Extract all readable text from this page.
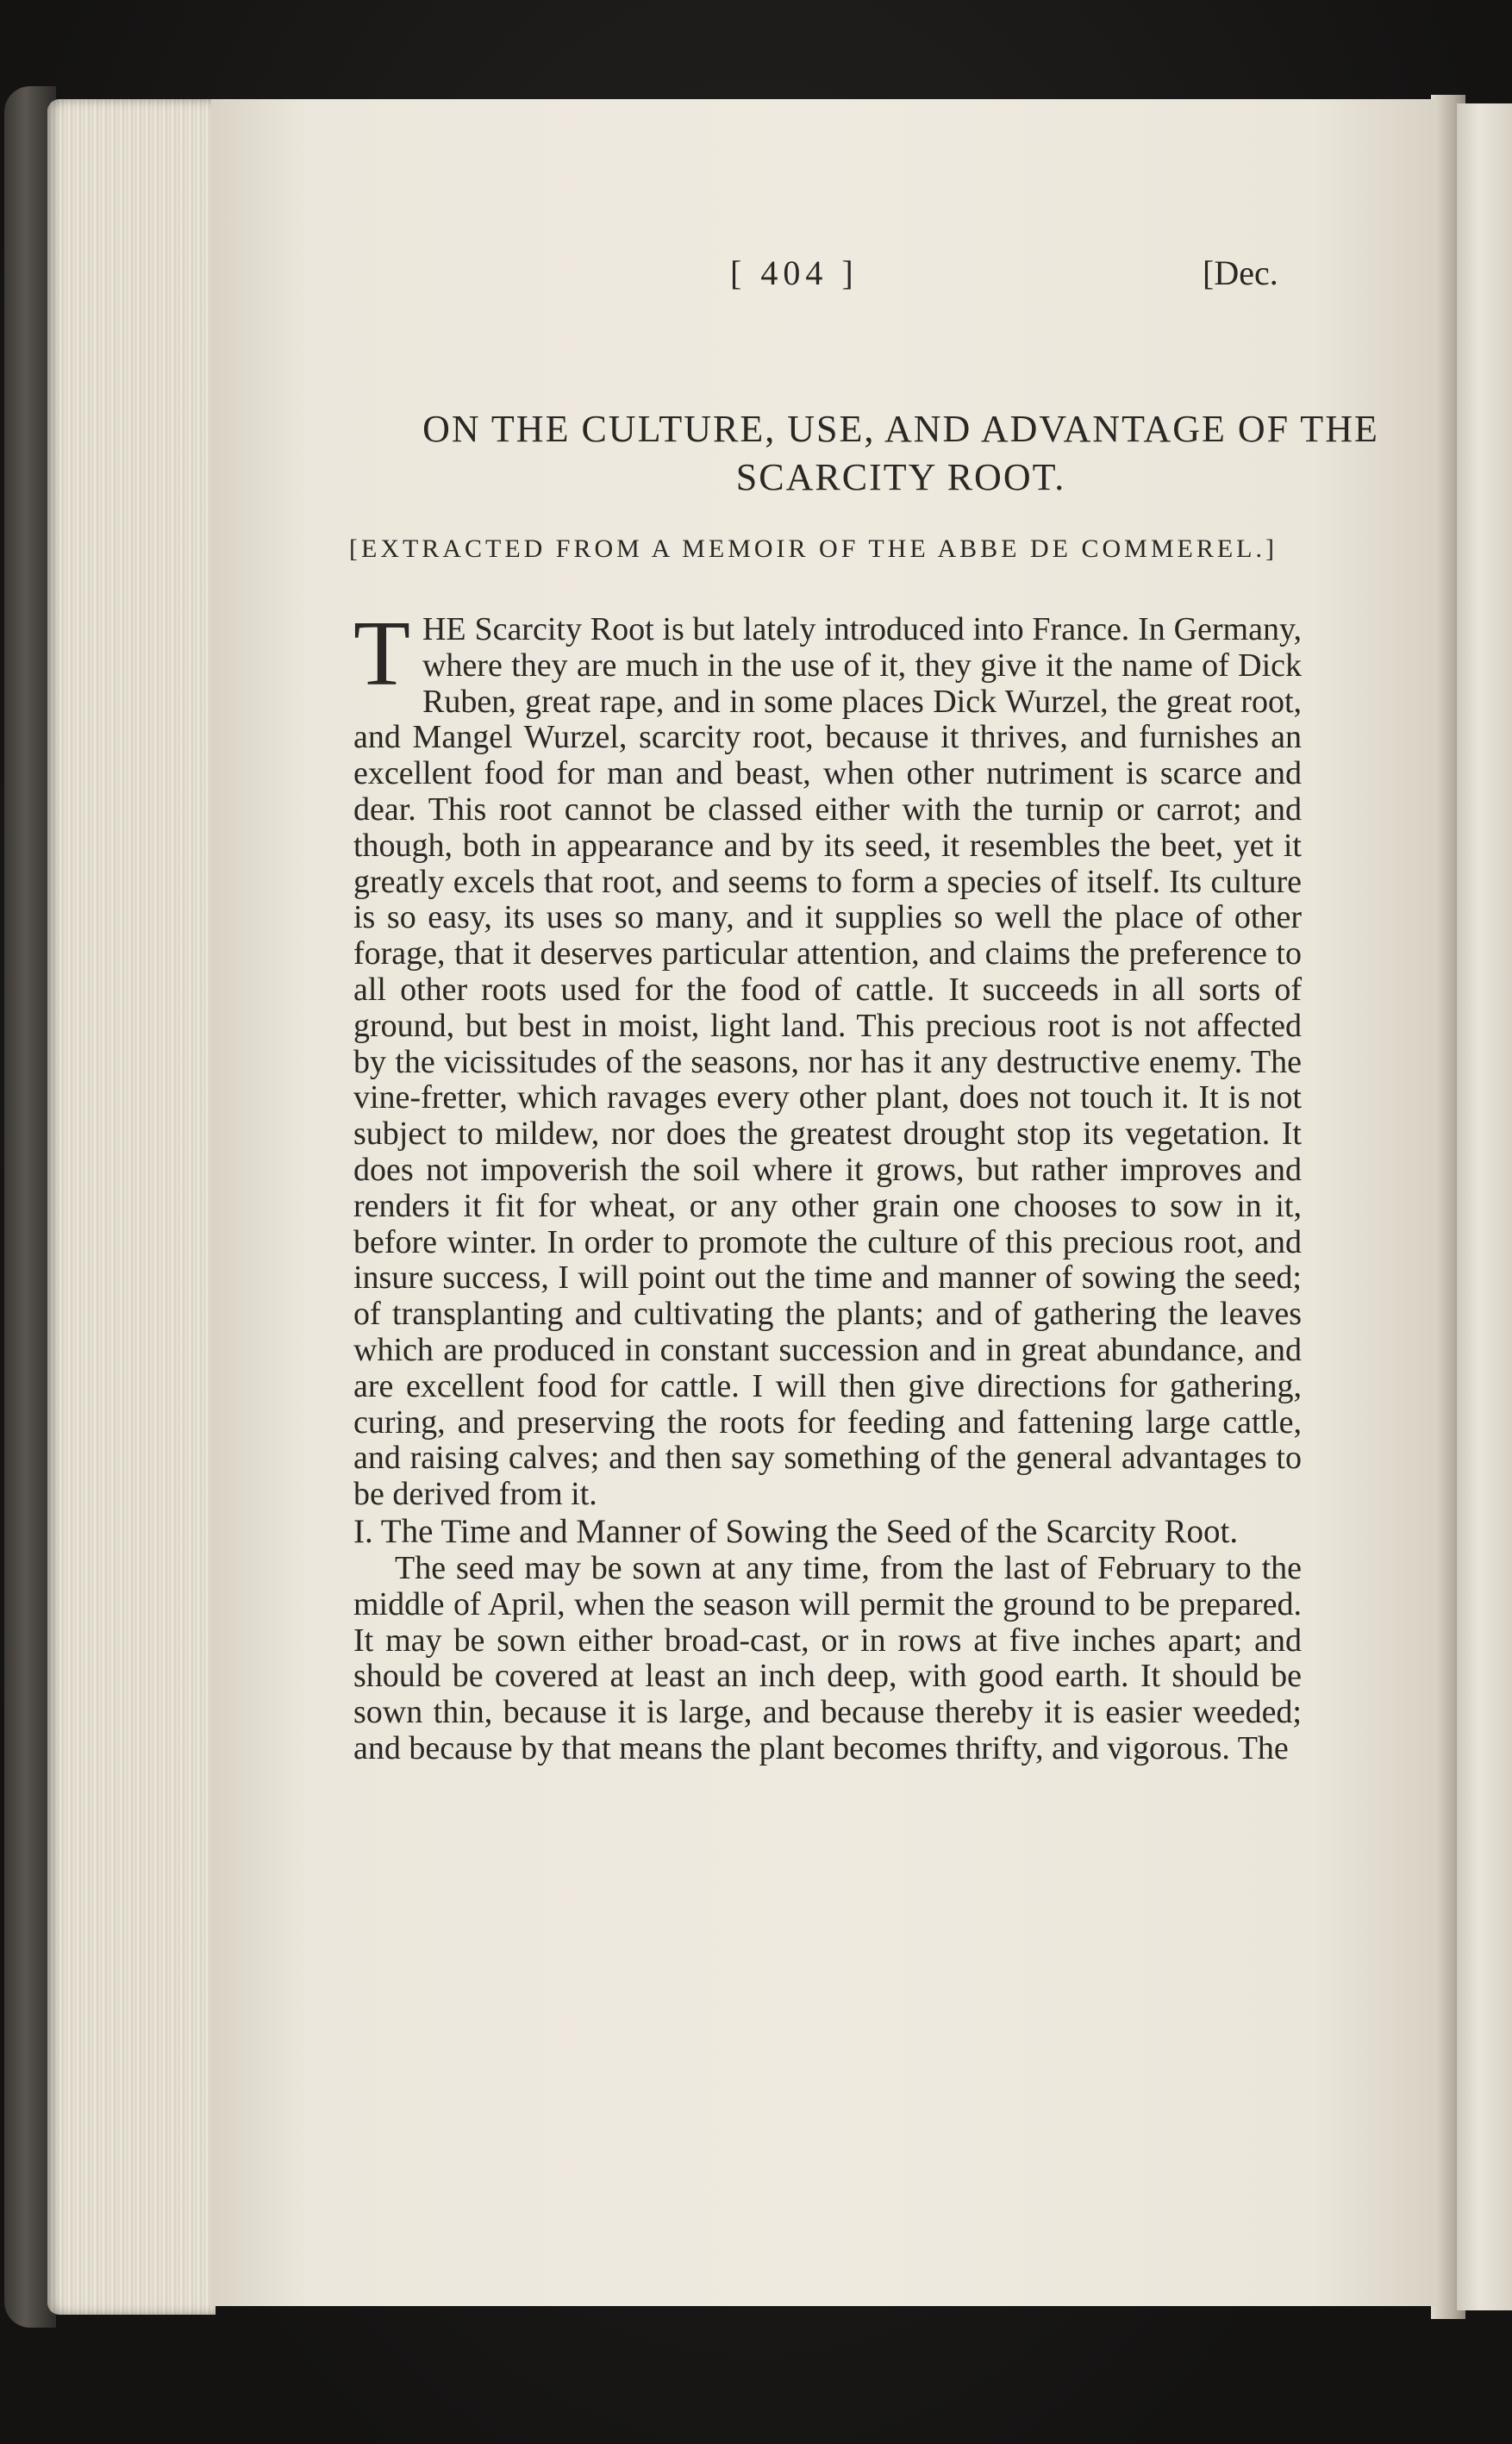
[ 404 ]	[Dec.
ON THE CULTURE, USE, AND ADVANTAGE OF THE SCARCITY ROOT.
[EXTRACTED FROM A MEMOIR OF THE ABBE DE COMMEREL.]

T HE Scarcity Root is but lately introduced into France. In Germany, where they are much in the use of it, they give it the name of Dick Ruben, great rape, and in some places Dick Wurzel, the great root, and Mangel Wurzel, scarcity root, because it thrives, and furnishes an excellent food for man and beast, when other nutriment is scarce and dear. This root cannot be classed either with the turnip or carrot; and though, both in appearance and by its seed, it resembles the beet, yet it greatly excels that root, and seems to form a species of itself. Its culture is so easy, its uses so many, and it supplies so well the place of other forage, that it deserves particular attention, and claims the preference to all other roots used for the food of cattle. It succeeds in all sorts of ground, but best in moist, light land. This precious root is not affected by the vicissitudes of the seasons, nor has it any destructive enemy. The vine-fretter, which ravages every other plant, does not touch it. It is not subject to mildew, nor does the greatest drought stop its vegetation. It does not impoverish the soil where it grows, but rather improves and renders it fit for wheat, or any other grain one chooses to sow in it, before winter. In order to promote the culture of this precious root, and insure success, I will point out the time and manner of sowing the seed; of transplanting and cultivating the plants; and of gathering the leaves which are produced in constant succession and in great abundance, and are excellent food for cattle. I will then give directions for gathering, curing, and preserving the roots for feeding and fattening large cattle, and raising calves; and then say something of the general advantages to be derived from it.

I. The Time and Manner of Sowing the Seed of the Scarcity Root.

The seed may be sown at any time, from the last of February to the middle of April, when the season will permit the ground to be prepared. It may be sown either broad-cast, or in rows at five inches apart; and should be covered at least an inch deep, with good earth. It should be sown thin, because it is large, and because thereby it is easier weeded; and because by that means the plant becomes thrifty, and vigorous. The
